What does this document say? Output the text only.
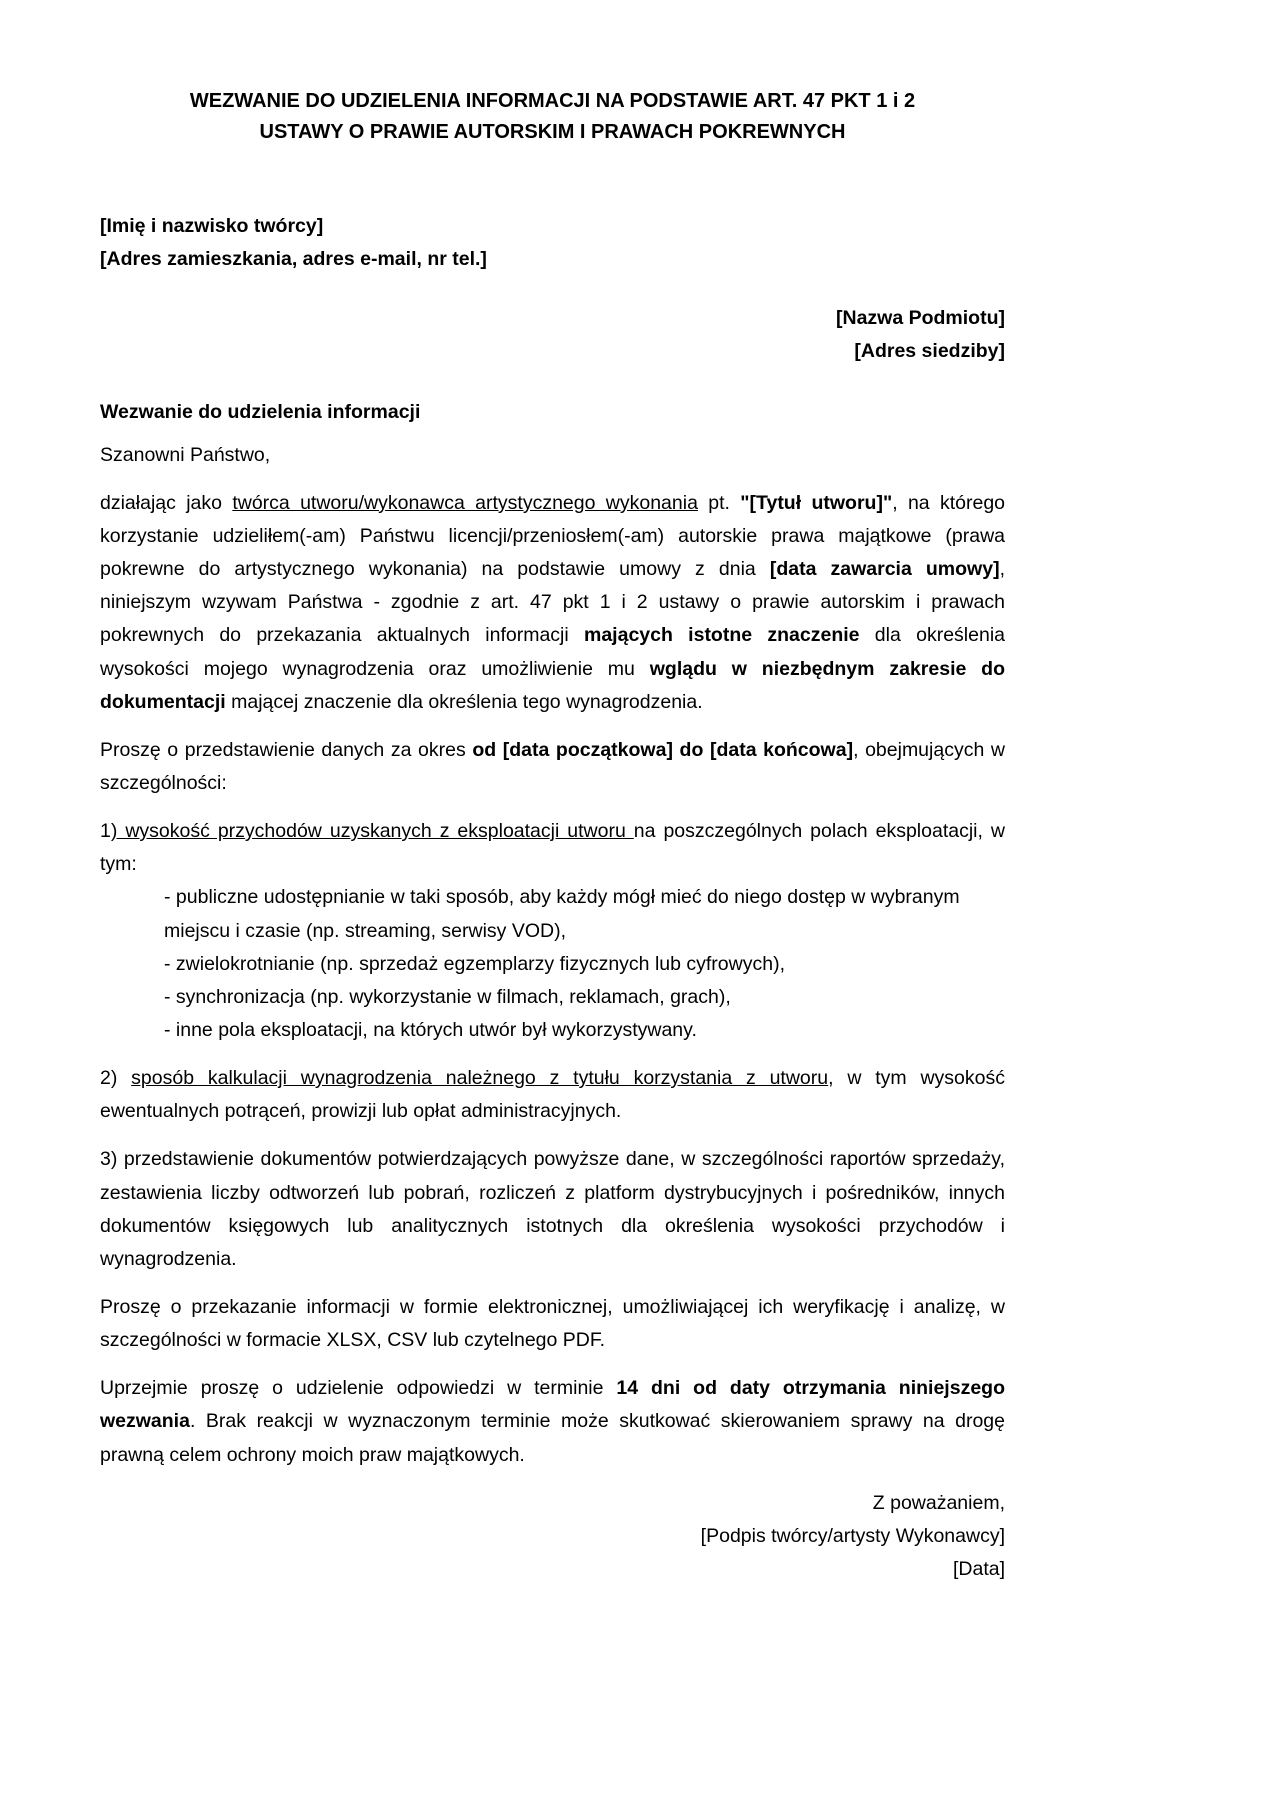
WEZWANIE DO UDZIELENIA INFORMACJI NA PODSTAWIE ART. 47 PKT 1 i 2
USTAWY O PRAWIE AUTORSKIM I PRAWACH POKREWNYCH
[Imię i nazwisko twórcy]
[Adres zamieszkania, adres e-mail, nr tel.]
[Nazwa Podmiotu]
[Adres siedziby]
Wezwanie do udzielenia informacji
Szanowni Państwo,

działając jako twórca utworu/wykonawca artystycznego wykonania pt. "[Tytuł utworu]", na którego korzystanie udzieliłem(-am) Państwu licencji/przeniosłem(-am) autorskie prawa majątkowe (prawa pokrewne do artystycznego wykonania) na podstawie umowy z dnia [data zawarcia umowy], niniejszym wzywam Państwa - zgodnie z art. 47 pkt 1 i 2 ustawy o prawie autorskim i prawach pokrewnych do przekazania aktualnych informacji mających istotne znaczenie dla określenia wysokości mojego wynagrodzenia oraz umożliwienie mu wglądu w niezbędnym zakresie do dokumentacji mającej znaczenie dla określenia tego wynagrodzenia.

Proszę o przedstawienie danych za okres od [data początkowa] do [data końcowa], obejmujących w szczególności:

1) wysokość przychodów uzyskanych z eksploatacji utworu na poszczególnych polach eksploatacji, w tym:

- publiczne udostępnianie w taki sposób, aby każdy mógł mieć do niego dostęp w wybranym miejscu i czasie (np. streaming, serwisy VOD),
- zwielokrotnianie (np. sprzedaż egzemplarzy fizycznych lub cyfrowych),
- synchronizacja (np. wykorzystanie w filmach, reklamach, grach),
- inne pola eksploatacji, na których utwór był wykorzystywany.

2) sposób kalkulacji wynagrodzenia należnego z tytułu korzystania z utworu, w tym wysokość ewentualnych potrąceń, prowizji lub opłat administracyjnych.

3) przedstawienie dokumentów potwierdzających powyższe dane, w szczególności raportów sprzedaży, zestawienia liczby odtworzeń lub pobrań, rozliczeń z platform dystrybucyjnych i pośredników, innych dokumentów księgowych lub analitycznych istotnych dla określenia wysokości przychodów i wynagrodzenia.

Proszę o przekazanie informacji w formie elektronicznej, umożliwiającej ich weryfikację i analizę, w szczególności w formacie XLSX, CSV lub czytelnego PDF.

Uprzejmie proszę o udzielenie odpowiedzi w terminie 14 dni od daty otrzymania niniejszego wezwania. Brak reakcji w wyznaczonym terminie może skutkować skierowaniem sprawy na drogę prawną celem ochrony moich praw majątkowych.

Z poważaniem,
[Podpis twórcy/artysty Wykonawcy]
[Data]
